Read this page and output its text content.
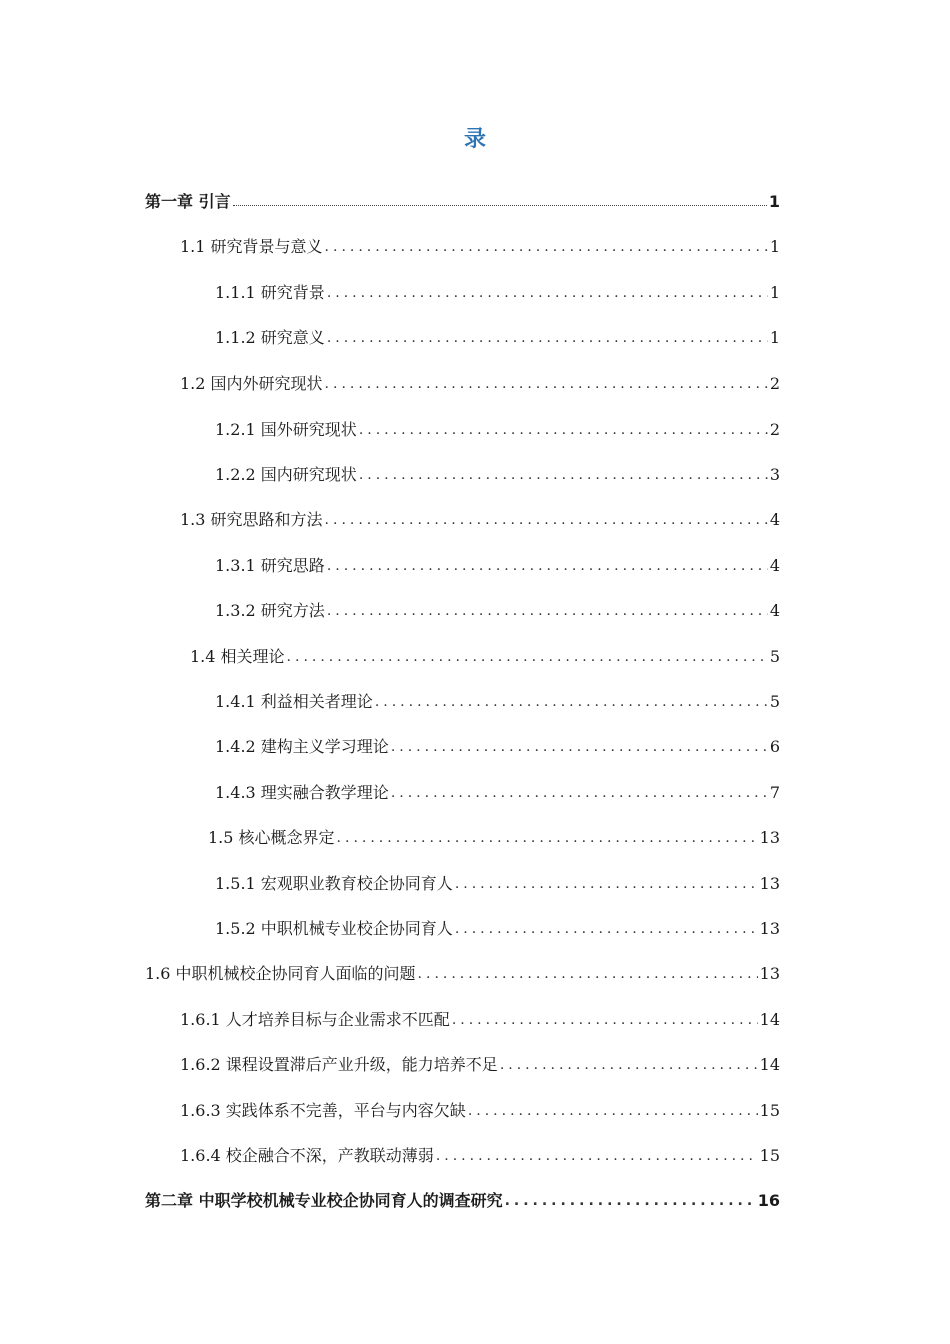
录
第一章 引言	1
1.1 研究背景与意义 .....	1
1.1.1 研究背景 .....	1
1.1.2 研究意义 .....	1
1.2 国内外研究现状 .....	2
1.2.1 国外研究现状 .....	2
1.2.2 国内研究现状 .....	3
1.3 研究思路和方法 .....	4
1.3.1 研究思路 .....	4
1.3.2 研究方法 .....	4
1.4 相关理论 .....	5
1.4.1 利益相关者理论 .....	5
1.4.2 建构主义学习理论 .....	6
1.4.3 理实融合教学理论 .....	7
1.5 核心概念界定 .....	13
1.5.1 宏观职业教育校企协同育人 .....	13
1.5.2 中职机械专业校企协同育人 .....	13
1.6 中职机械校企协同育人面临的问题 .....	13
1.6.1 人才培养目标与企业需求不匹配 .....	14
1.6.2 课程设置滞后产业升级，能力培养不足 .....	14
1.6.3 实践体系不完善，平台与内容欠缺 .....	15
1.6.4 校企融合不深，产教联动薄弱 .....	15
第二章 中职学校机械专业校企协同育人的调查研究 .....	16
